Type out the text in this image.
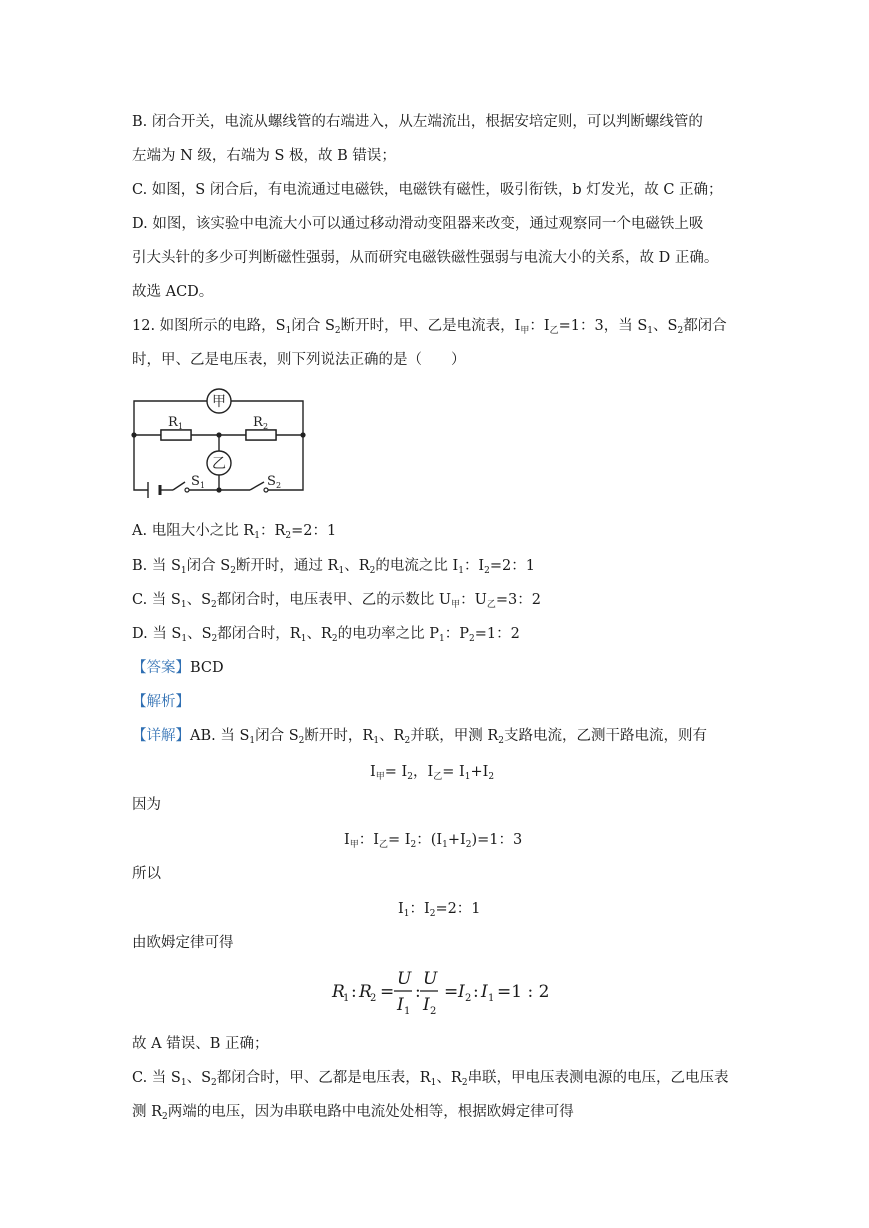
B. 闭合开关，电流从螺线管的右端进入，从左端流出，根据安培定则，可以判断螺线管的
左端为 N 级，右端为 S 极，故 B 错误；
C. 如图，S 闭合后，有电流通过电磁铁，电磁铁有磁性，吸引衔铁，b 灯发光，故 C 正确；
D. 如图，该实验中电流大小可以通过移动滑动变阻器来改变，通过观察同一个电磁铁上吸
引大头针的多少可判断磁性强弱，从而研究电磁铁磁性强弱与电流大小的关系，故 D 正确。
故选 ACD。
12. 如图所示的电路，$S_1$闭合 $S_2$断开时，甲、乙是电流表，$I_甲$：$I_乙=1$：3，当 $S_1$、$S_2$都闭合
时，甲、乙是电压表，则下列说法正确的是（　　）
甲
乙
R 1	R 2
S 1	S 2
A. 电阻大小之比 $R_1$：$R_2=2$：1
B. 当 $S_1$闭合 $S_2$断开时，通过 $R_1$、$R_2$的电流之比 $I_1$：$I_2=2$：1
C. 当 $S_1$、$S_2$都闭合时，电压表甲、乙的示数比 $U_甲$：$U_乙=3$：2
D. 当 $S_1$、$S_2$都闭合时，$R_1$、$R_2$的电功率之比 $P_1$：$P_2=1$：2
【答案】BCD
【解析】
【详解】AB. 当 $S_1$闭合 $S_2$断开时，$R_1$、$R_2$并联，甲测 $R_2$支路电流，乙测干路电流，则有
$I_甲= I_2$，$I_乙= I_1+I_2$
因为
$I_甲$：$I_乙= I_2$：$(I_1+I_2)=1$：3
所以
$I_1$：$I_2=2$：1
由欧姆定律可得
R
1 : R
2 =
U
I 1
:
U
I 2
= I 2 : I 1 =1 : 2
故 A 错误、B 正确；
C. 当 $S_1$、$S_2$都闭合时，甲、乙都是电压表，$R_1$、$R_2$串联，甲电压表测电源的电压，乙电压表
测 $R_2$两端的电压，因为串联电路中电流处处相等，根据欧姆定律可得
